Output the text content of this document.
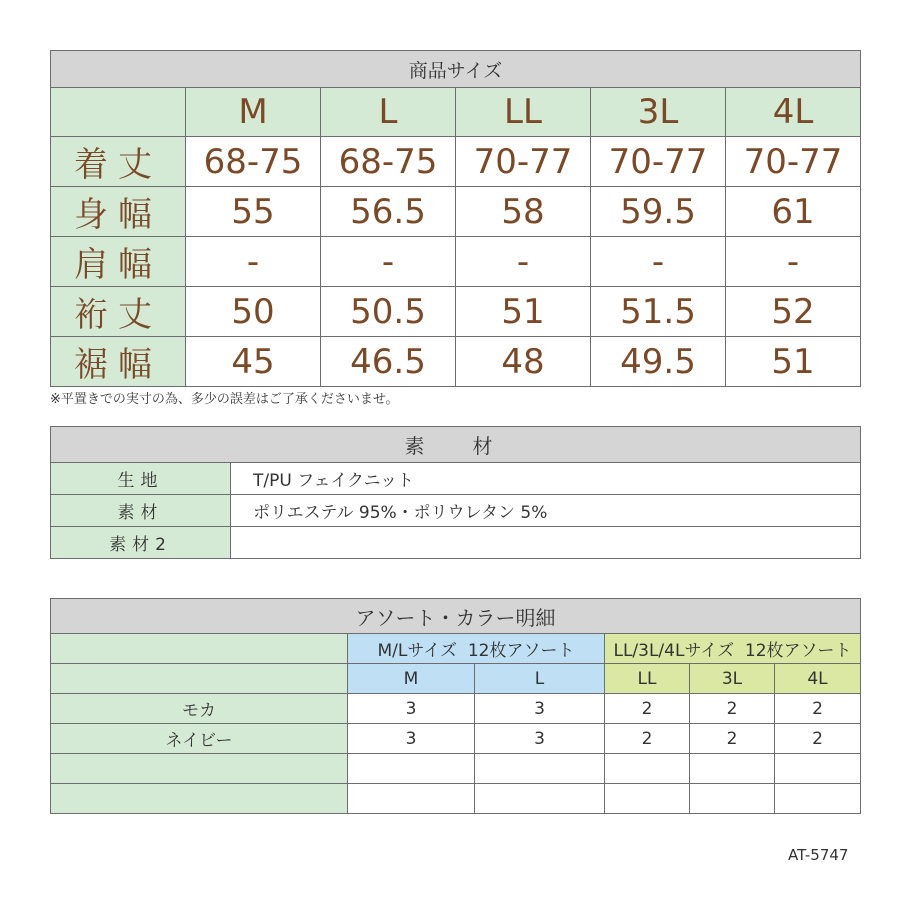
商品サイズ					
	M	L	LL	3L	4L
着丈	68-75	68-75	70-77	70-77	70-77
身幅	55	56.5	58	59.5	61
肩幅	-	-	-	-	-
裄丈	50	50.5	51	51.5	52
裾幅	45	46.5	48	49.5	51
※平置きでの実寸の為、多少の誤差はご了承くださいませ。
素　材	
生地	T/PU フェイクニット
素材	ポリエステル 95%・ポリウレタン 5%
素材2	
アソート・カラー明細					
	M/Lサイズ  12枚アソート		LL/3L/4Lサイズ  12枚アソート		
	M	L	LL	3L	4L
モカ	3	3	2	2	2
ネイビー	3	3	2	2	2

AT-5747
